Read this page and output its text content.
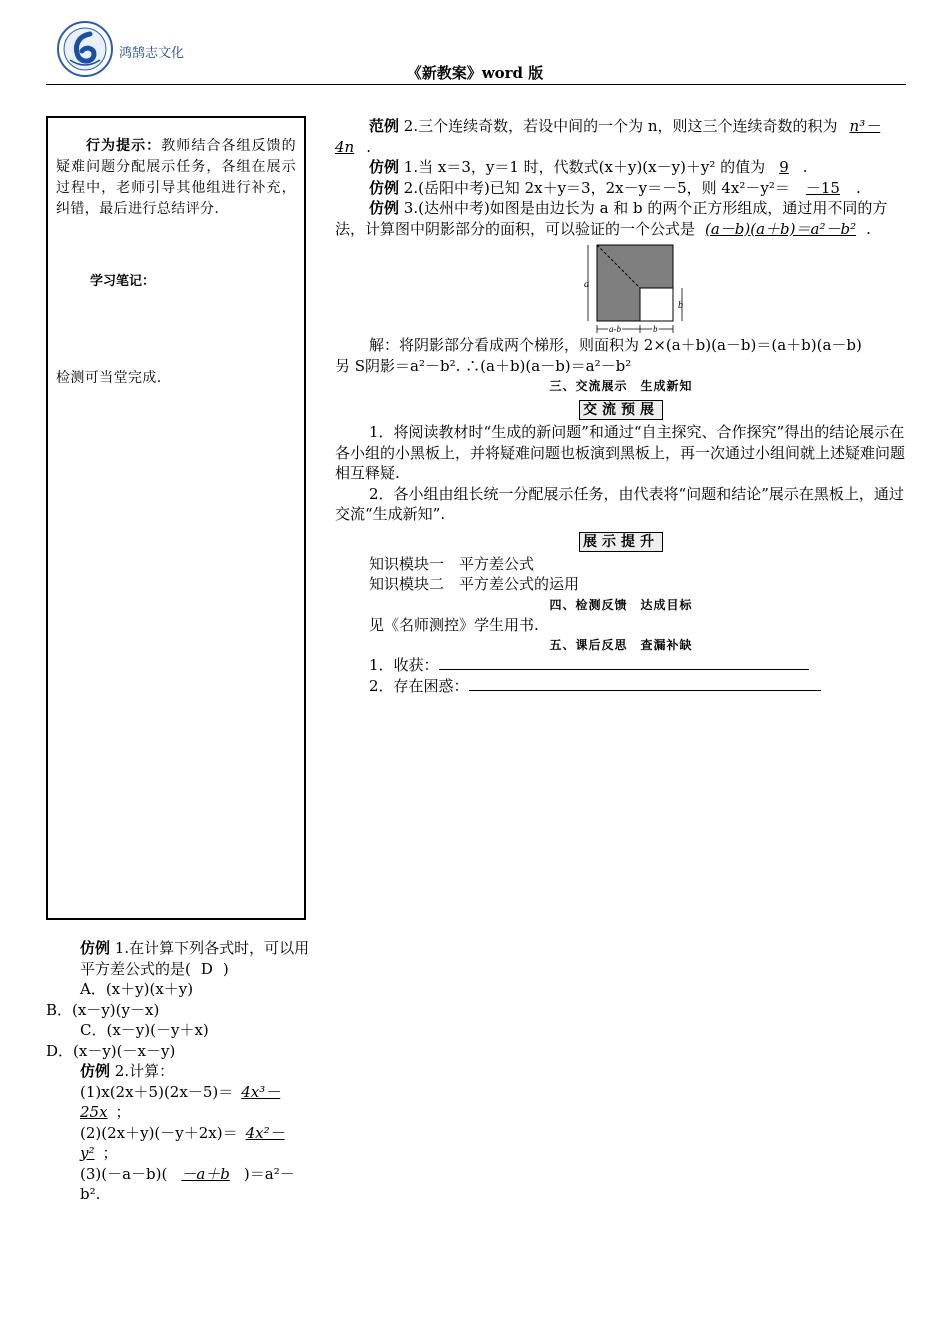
鸿鹄志文化
《新教案》word 版
行为提示：教师结合各组反馈的疑难问题分配展示任务，各组在展示过程中，老师引导其他组进行补充，纠错，最后进行总结评分.
学习笔记：
检测可当堂完成.
仿例 1.在计算下列各式时，可以用平方差公式的是( D )
A．(x＋y)(x＋y)
B．(x－y)(y－x)
C．(x－y)(－y＋x)
D．(x－y)(－x－y)
仿例 2.计算：
(1)x(2x＋5)(2x－5)＝ 4x³－25x ；
(2)(2x＋y)(－y＋2x)＝ 4x²－y² ；
(3)(－a－b)( －a＋b )＝a²－b².

范例 2.三个连续奇数，若设中间的一个为 n，则这三个连续奇数的积为 n³－4n .

仿例 1.当 x＝3，y＝1 时，代数式(x＋y)(x－y)＋y² 的值为 9 .

仿例 2.(岳阳中考)已知 2x＋y＝3，2x－y＝－5，则 4x²－y²＝ －15 .

仿例 3.(达州中考)如图是由边长为 a 和 b 的两个正方形组成，通过用不同的方法，计算图中阴影部分的面积，可以验证的一个公式是 (a－b)(a＋b)＝a²－b² .

a
b
a-b	b

解：将阴影部分看成两个梯形，则面积为 2×(a＋b)(a－b)＝(a＋b)(a－b)

另 S阴影＝a²－b². ∴(a＋b)(a－b)＝a²－b²

三、交流展示　生成新知

交流预展

1．将阅读教材时“生成的新问题”和通过“自主探究、合作探究”得出的结论展示在各小组的小黑板上，并将疑难问题也板演到黑板上，再一次通过小组间就上述疑难问题相互释疑.

2．各小组由组长统一分配展示任务，由代表将“问题和结论”展示在黑板上，通过交流“生成新知”.

展示提升

知识模块一　平方差公式

知识模块二　平方差公式的运用

四、检测反馈　达成目标

见《名师测控》学生用书.

五、课后反思　查漏补缺

1．收获：

2．存在困惑：
